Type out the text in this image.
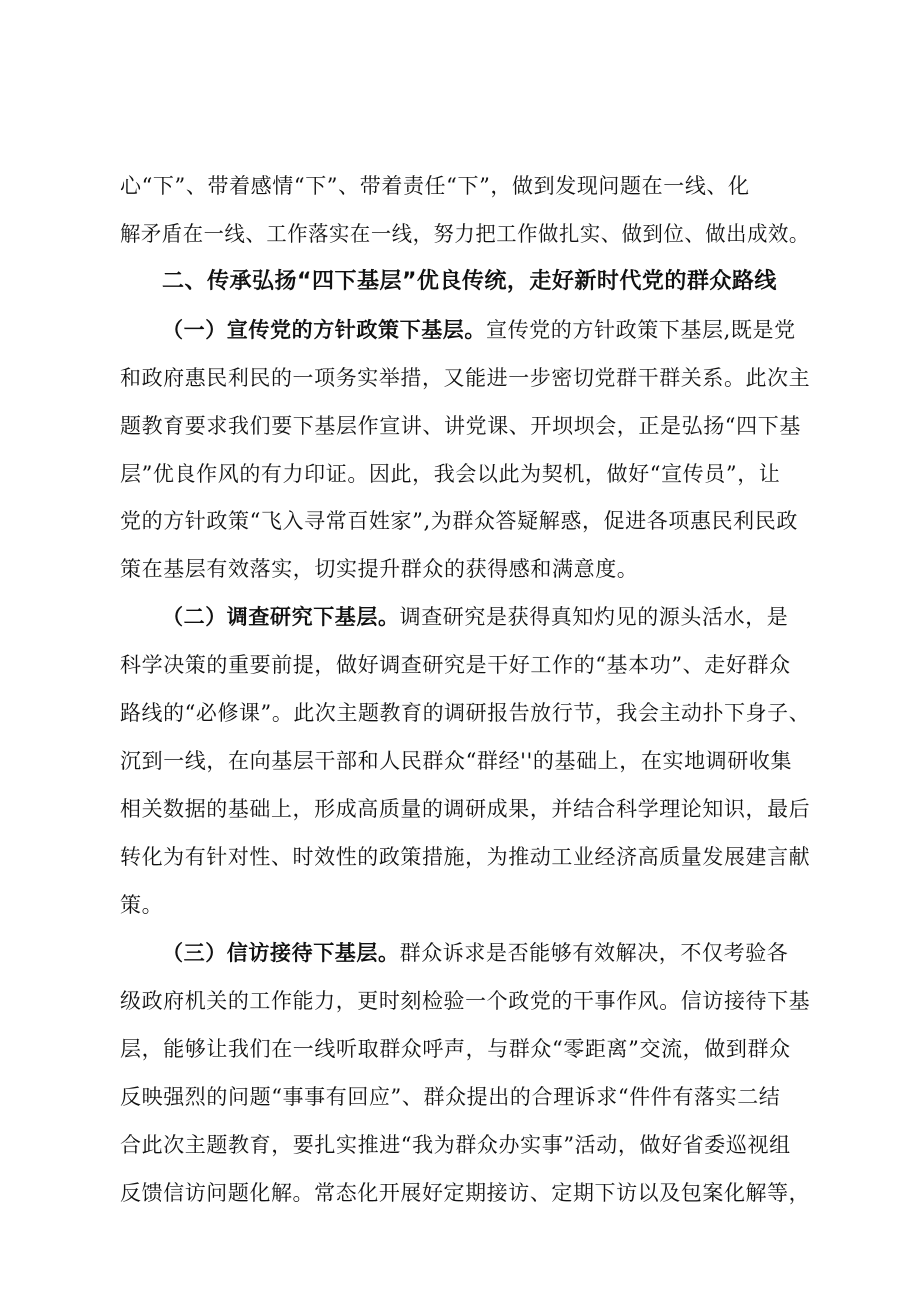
心“下”、带着感情“下”、带着责任“下”，做到发现问题在一线、化
解矛盾在一线、工作落实在一线，努力把工作做扎实、做到位、做出成效。
二、传承弘扬“四下基层”优良传统，走好新时代党的群众路线
（一）宣传党的方针政策下基层。宣传党的方针政策下基层,既是党
和政府惠民利民的一项务实举措，又能进一步密切党群干群关系。此次主
题教育要求我们要下基层作宣讲、讲党课、开坝坝会，正是弘扬“四下基
层”优良作风的有力印证。因此，我会以此为契机，做好“宣传员”，让
党的方针政策“飞入寻常百姓家”,为群众答疑解惑，促进各项惠民利民政
策在基层有效落实，切实提升群众的获得感和满意度。
（二）调查研究下基层。调查研究是获得真知灼见的源头活水，是
科学决策的重要前提，做好调查研究是干好工作的“基本功”、走好群众
路线的“必修课”。此次主题教育的调研报告放行节，我会主动扑下身子、
沉到一线，在向基层干部和人民群众“群经''的基础上，在实地调研收集
相关数据的基础上，形成高质量的调研成果，并结合科学理论知识，最后
转化为有针对性、时效性的政策措施，为推动工业经济高质量发展建言献
策。
（三）信访接待下基层。群众诉求是否能够有效解决，不仅考验各
级政府机关的工作能力，更时刻检验一个政党的干事作风。信访接待下基
层，能够让我们在一线听取群众呼声，与群众“零距离”交流，做到群众
反映强烈的问题“事事有回应”、群众提出的合理诉求“件件有落实二结
合此次主题教育，要扎实推进“我为群众办实事”活动，做好省委巡视组
反馈信访问题化解。常态化开展好定期接访、定期下访以及包案化解等，
